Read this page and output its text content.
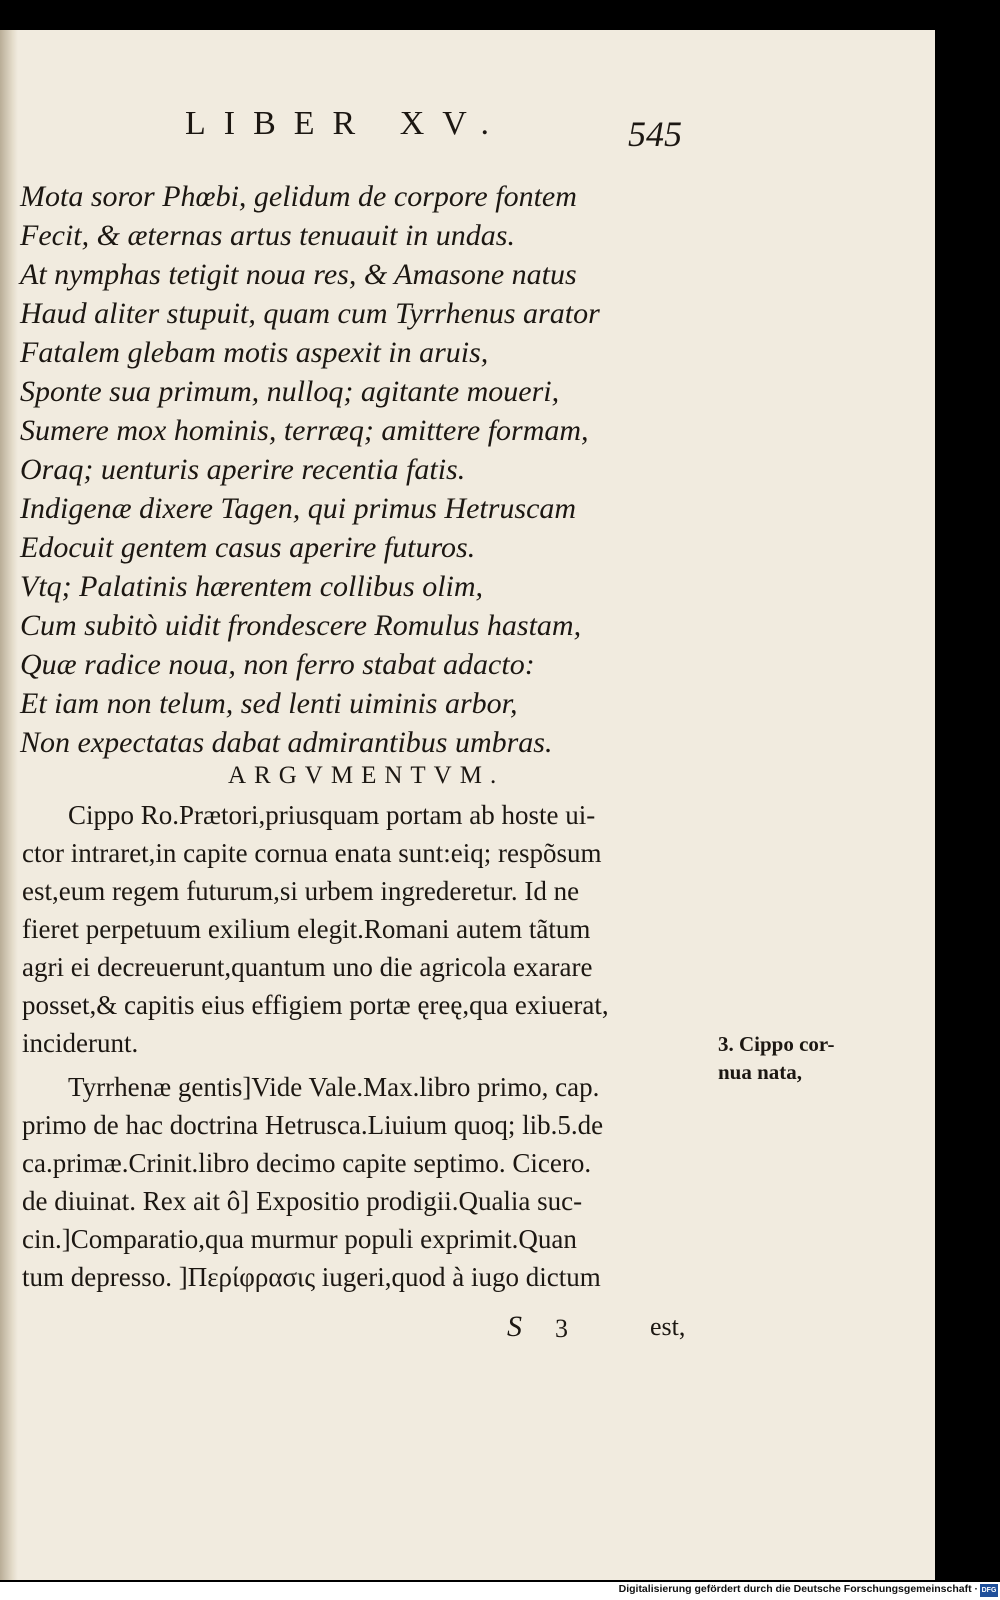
LIBER XV.	545
Mota soror Phœbi, gelidum de corpore fontem
Fecit, & æternas artus tenuauit in undas.
At nymphas tetigit noua res, & Amasone natus
Haud aliter stupuit, quam cum Tyrrhenus arator
Fatalem glebam motis aspexit in aruis,
Sponte sua primum, nulloq; agitante moueri,
Sumere mox hominis, terræq; amittere formam,
Oraq; uenturis aperire recentia fatis.
Indigenæ dixere Tagen, qui primus Hetruscam
Edocuit gentem casus aperire futuros.
Vtq; Palatinis hærentem collibus olim,
Cum subitò uidit frondescere Romulus hastam,
Quæ radice noua, non ferro stabat adacto:
Et iam non telum, sed lenti uiminis arbor,
Non expectatas dabat admirantibus umbras.
ARGVMENTVM.
Cippo Ro.Prætori,priusquam portam ab hoste ui-
ctor intraret,in capite cornua enata sunt:eiq; respõsum
est,eum regem futurum,si urbem ingrederetur. Id ne
fieret perpetuum exilium elegit.Romani autem tãtum
agri ei decreuerunt,quantum uno die agricola exarare
posset,& capitis eius effigiem portæ ęreę,qua exiuerat,
inciderunt.
Tyrrhenæ gentis]Vide Vale.Max.libro primo, cap.
primo de hac doctrina Hetrusca.Liuium quoq; lib.5.de
ca.primæ.Crinit.libro decimo capite septimo. Cicero.
de diuinat. Rex ait ô] Expositio prodigii.Qualia suc-
cin.]Comparatio,qua murmur populi exprimit.Quan
tum depresso. ]Περίφρασις iugeri,quod à iugo dictum
3. Cippo cor-
nua nata,
S 3	est,
Digitalisierung gefördert durch die Deutsche Forschungsgemeinschaft · DFG
